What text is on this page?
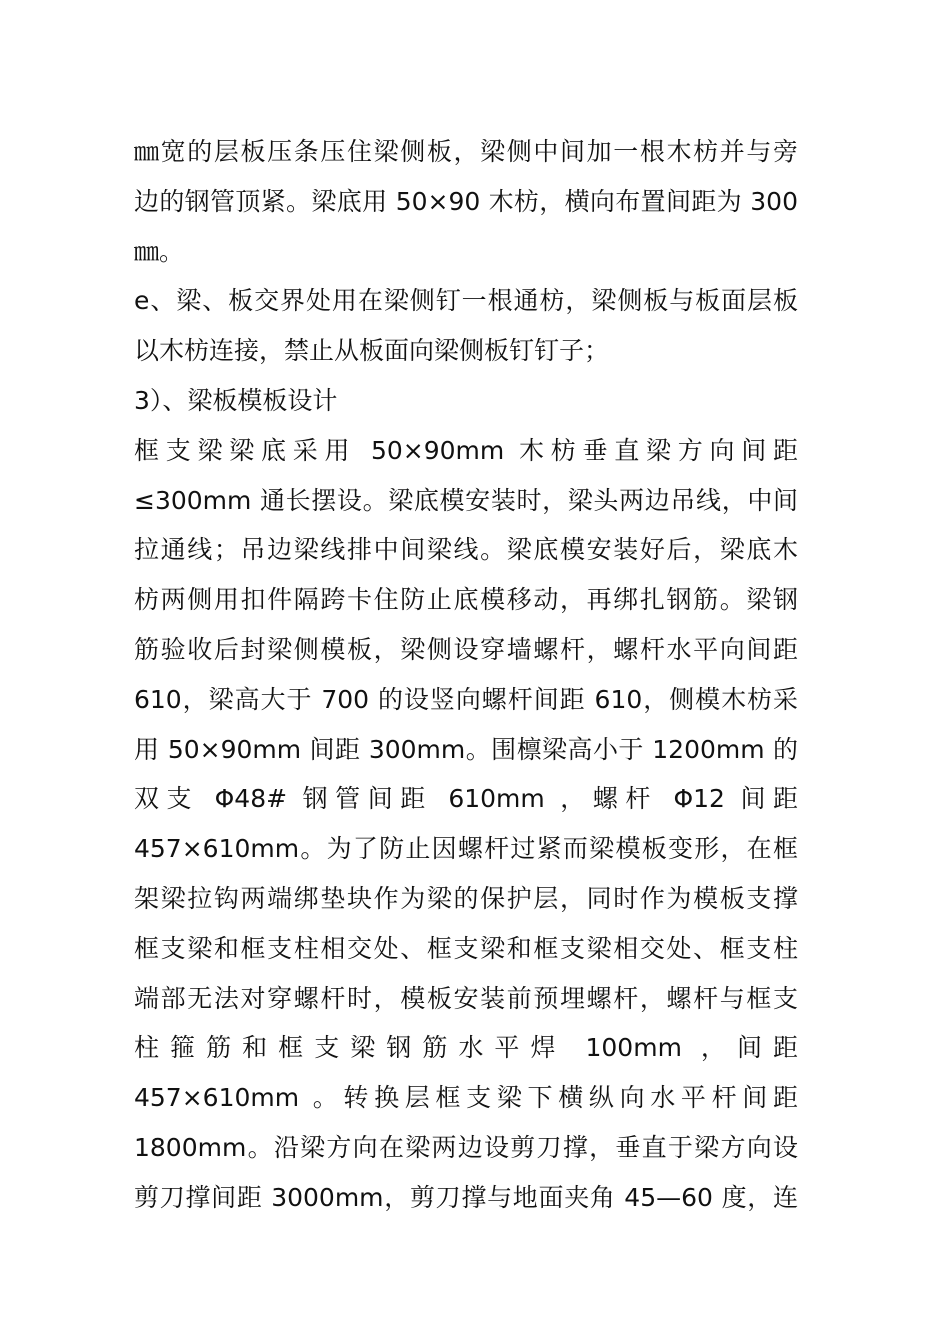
㎜宽的层板压条压住梁侧板，梁侧中间加一根木枋并与旁
边的钢管顶紧。梁底用 50×90 木枋，横向布置间距为 300
㎜。
e、梁、板交界处用在梁侧钉一根通枋，梁侧板与板面层板
以木枋连接，禁止从板面向梁侧板钉钉子；
3）、梁板模板设计
框支梁梁底采用 50×90mm 木枋垂直梁方向间距
≤300mm 通长摆设。梁底模安装时，梁头两边吊线，中间
拉通线；吊边梁线排中间梁线。梁底模安装好后，梁底木
枋两侧用扣件隔跨卡住防止底模移动，再绑扎钢筋。梁钢
筋验收后封梁侧模板，梁侧设穿墙螺杆，螺杆水平向间距
610，梁高大于 700 的设竖向螺杆间距 610，侧模木枋采
用 50×90mm 间距 300mm。围檩梁高小于 1200mm 的
双支 Φ48# 钢管间距 610mm ，螺杆 Φ12 间距
457×610mm。为了防止因螺杆过紧而梁模板变形，在框
架梁拉钩两端绑垫块作为梁的保护层，同时作为模板支撑
框支梁和框支柱相交处、框支梁和框支梁相交处、框支柱
端部无法对穿螺杆时，模板安装前预埋螺杆，螺杆与框支
柱箍筋和框支梁钢筋水平焊 100mm ，间距
457×610mm 。转换层框支梁下横纵向水平杆间距
1800mm。沿梁方向在梁两边设剪刀撑，垂直于梁方向设
剪刀撑间距 3000mm，剪刀撑与地面夹角 45—60 度，连
